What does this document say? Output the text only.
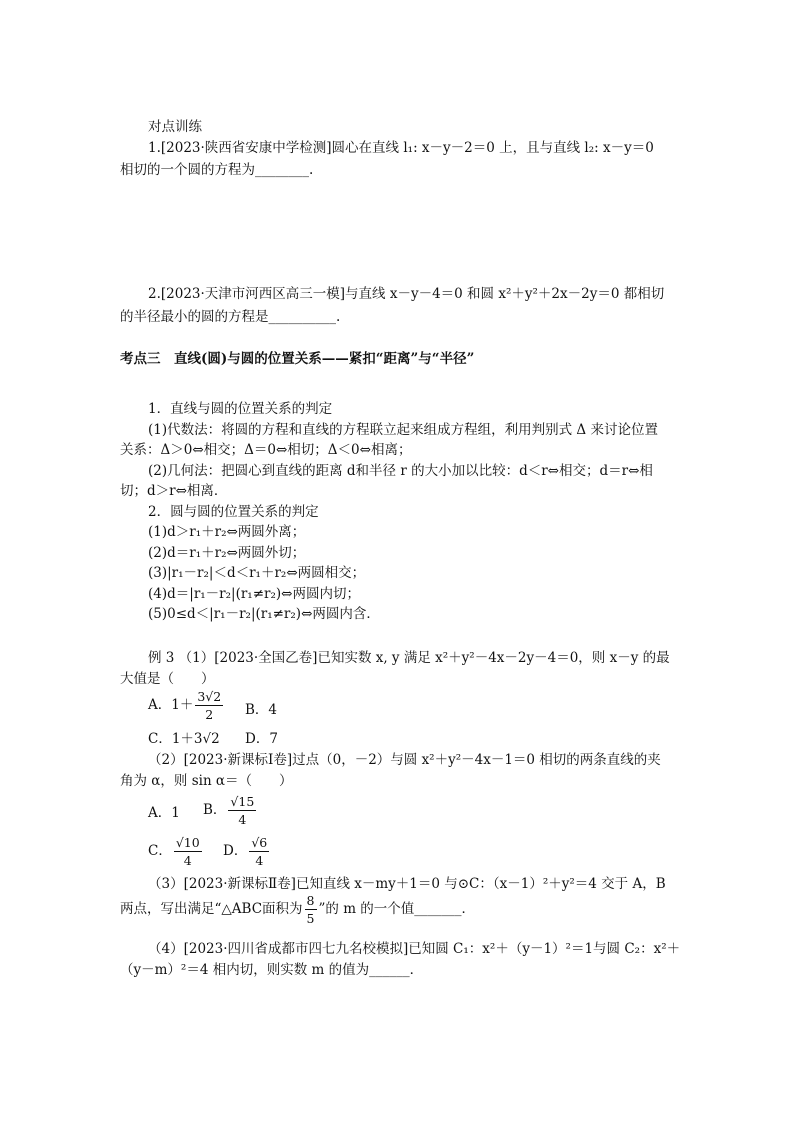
对点训练
1.[2023·陕西省安康中学检测]圆心在直线 l₁: x－y－2＝0 上，且与直线 l₂: x－y＝0
相切的一个圆的方程为________.
2.[2023·天津市河西区高三一模]与直线 x－y－4＝0 和圆 x²＋y²＋2x－2y＝0 都相切
的半径最小的圆的方程是__________.
考点三　直线(圆)与圆的位置关系——紧扣“距离”与“半径”
1．直线与圆的位置关系的判定
(1)代数法：将圆的方程和直线的方程联立起来组成方程组，利用判别式 Δ 来讨论位置
关系：Δ＞0⇔相交；Δ＝0⇔相切；Δ＜0⇔相离；
(2)几何法：把圆心到直线的距离 d和半径 r 的大小加以比较：d＜r⇔相交；d＝r⇔相
切；d＞r⇔相离．
2．圆与圆的位置关系的判定
(1)d＞r₁＋r₂⇔两圆外离；
(2)d＝r₁＋r₂⇔两圆外切；
(3)|r₁－r₂|＜d＜r₁＋r₂⇔两圆相交；
(4)d＝|r₁－r₂|(r₁≠r₂)⇔两圆内切；
(5)0≤d＜|r₁－r₂|(r₁≠r₂)⇔两圆内含．
例 3 （1）[2023·全国乙卷]已知实数 x, y 满足 x²＋y²－4x－2y－4＝0，则 x－y 的最
大值是（　　）
A．$1+ \frac{3√2}{2}$ B．4
C．1＋3√2 D．7
（2）[2023·新课标Ⅰ卷]过点（0，－2）与圆 x²＋y²－4x－1＝0 相切的两条直线的夹
角为 α，则 sin α＝（　　）
A．1 B． $\frac{√15}{4}$
C． $\frac{√10}{4}$ D． $\frac{√6}{4}$
（3）[2023·新课标Ⅱ卷]已知直线 x－my＋1＝0 与⊙C：（x－1）²＋y²＝4 交于 A，B
两点，写出满足“△ABC面积为 $\frac{8}{5}$ ”的 m 的一个值_______．
（4）[2023·四川省成都市四七九名校模拟]已知圆 C₁：x²＋（y－1）²＝1与圆 C₂：x²＋
（y－m）²＝4 相内切，则实数 m 的值为______．
